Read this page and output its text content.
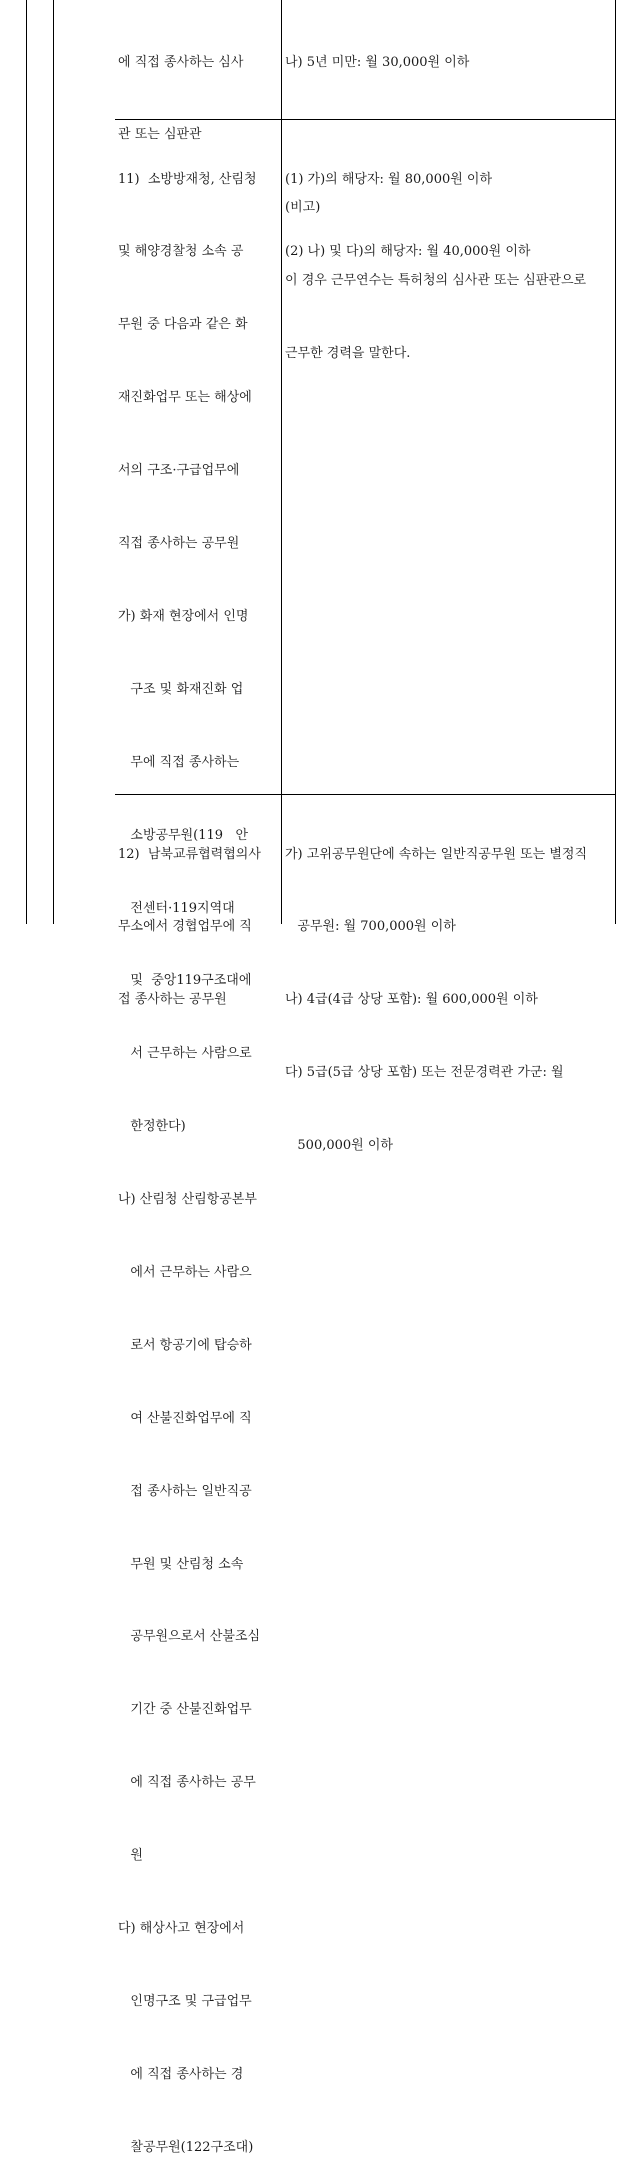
에 직접 종사하는 심사

관 또는 심판관

나) 5년 미만: 월 30,000원 이하

(비고)

이 경우 근무연수는 특허청의 심사관 또는 심판관으로

근무한 경력을 말한다.

11)  소방방재청, 산림청

및 해양경찰청 소속 공

무원 중 다음과 같은 화

재진화업무 또는 해상에

서의 구조·구급업무에

직접 종사하는 공무원

가) 화재 현장에서 인명

구조 및 화재진화 업

무에 직접 종사하는

소방공무원(119   안

전센터·119지역대

및  중앙119구조대에

서 근무하는 사람으로

한정한다)

나) 산림청 산림항공본부

에서 근무하는 사람으

로서 항공기에 탑승하

여 산불진화업무에 직

접 종사하는 일반직공

무원 및 산림청 소속

공무원으로서 산불조심

기간 중 산불진화업무

에 직접 종사하는 공무

원

다) 해상사고 현장에서

인명구조 및 구급업무

에 직접 종사하는 경

찰공무원(122구조대)

(1) 가)의 해당자: 월 80,000원 이하

(2) 나) 및 다)의 해당자: 월 40,000원 이하

12)  남북교류협력협의사

무소에서 경협업무에 직

접 종사하는 공무원

가) 고위공무원단에 속하는 일반직공무원 또는 별정직

공무원: 월 700,000원 이하

나) 4급(4급 상당 포함): 월 600,000원 이하

다) 5급(5급 상당 포함) 또는 전문경력관 가군: 월

500,000원 이하
